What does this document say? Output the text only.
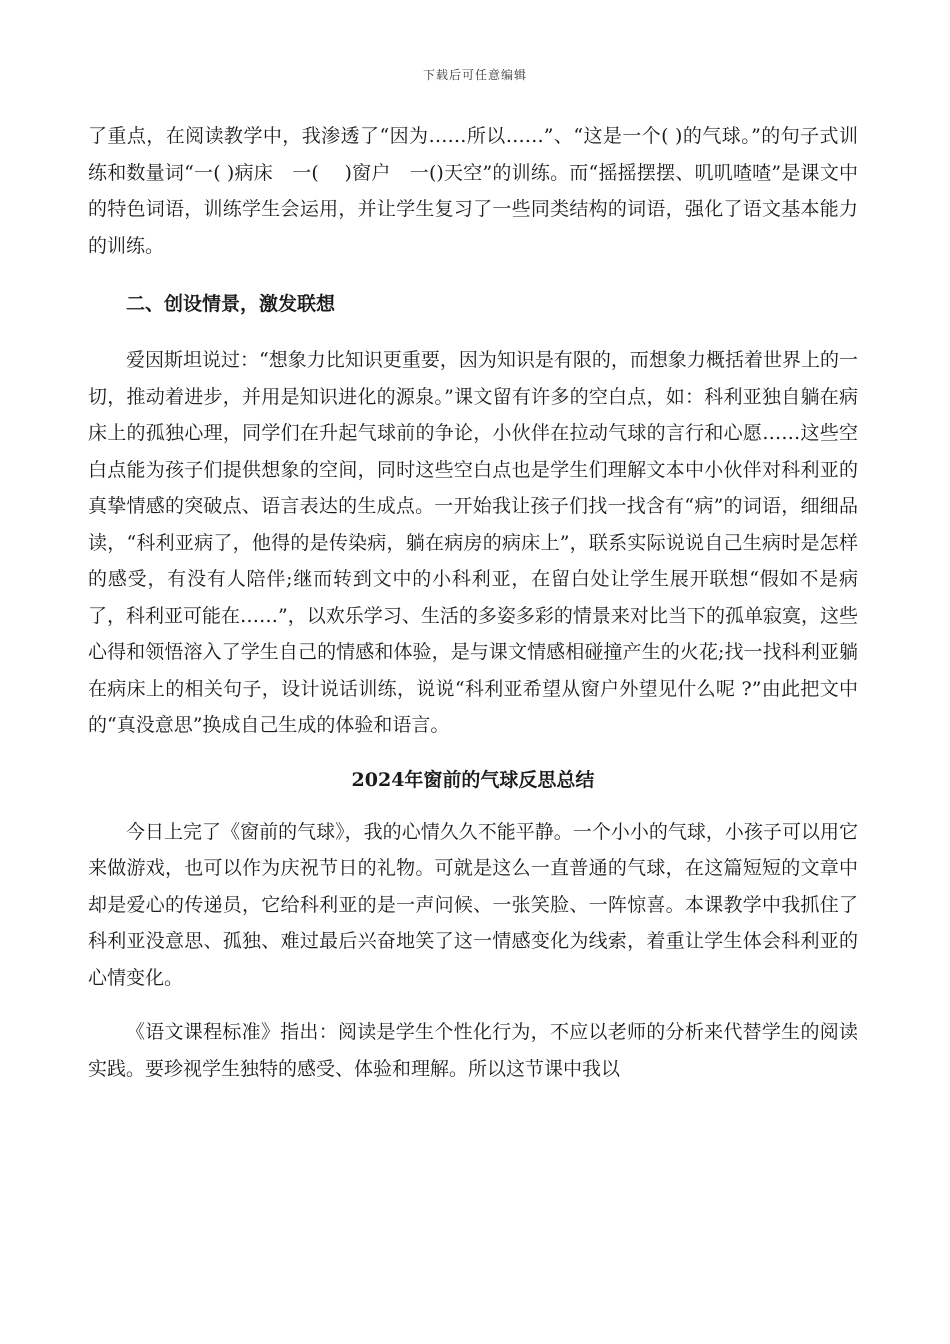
下载后可任意编辑

了重点，在阅读教学中，我渗透了“因为……所以……”、“这是一个( )的气球。”的句子式训练和数量词“一( )病床　一(　 )窗户　一()天空”的训练。而“摇摇摆摆、叽叽喳喳”是课文中的特色词语，训练学生会运用，并让学生复习了一些同类结构的词语，强化了语文基本能力的训练。

二、创设情景，激发联想

爱因斯坦说过：“想象力比知识更重要，因为知识是有限的，而想象力概括着世界上的一切，推动着进步，并用是知识进化的源泉。”课文留有许多的空白点，如：科利亚独自躺在病床上的孤独心理，同学们在升起气球前的争论，小伙伴在拉动气球的言行和心愿……这些空白点能为孩子们提供想象的空间，同时这些空白点也是学生们理解文本中小伙伴对科利亚的真挚情感的突破点、语言表达的生成点。一开始我让孩子们找一找含有“病”的词语，细细品读，“科利亚病了，他得的是传染病，躺在病房的病床上”，联系实际说说自己生病时是怎样的感受，有没有人陪伴;继而转到文中的小科利亚，在留白处让学生展开联想“假如不是病了，科利亚可能在……”，以欢乐学习、生活的多姿多彩的情景来对比当下的孤单寂寞，这些心得和领悟溶入了学生自己的情感和体验，是与课文情感相碰撞产生的火花;找一找科利亚躺在病床上的相关句子，设计说话训练，说说“科利亚希望从窗户外望见什么呢 ?”由此把文中的“真没意思”换成自己生成的体验和语言。

2024年窗前的气球反思总结

今日上完了《窗前的气球》，我的心情久久不能平静。一个小小的气球，小孩子可以用它来做游戏，也可以作为庆祝节日的礼物。可就是这么一直普通的气球，在这篇短短的文章中却是爱心的传递员，它给科利亚的是一声问候、一张笑脸、一阵惊喜。本课教学中我抓住了科利亚没意思、孤独、难过最后兴奋地笑了这一情感变化为线索，着重让学生体会科利亚的心情变化。

《语文课程标准》指出：阅读是学生个性化行为，不应以老师的分析来代替学生的阅读实践。要珍视学生独特的感受、体验和理解。所以这节课中我以
